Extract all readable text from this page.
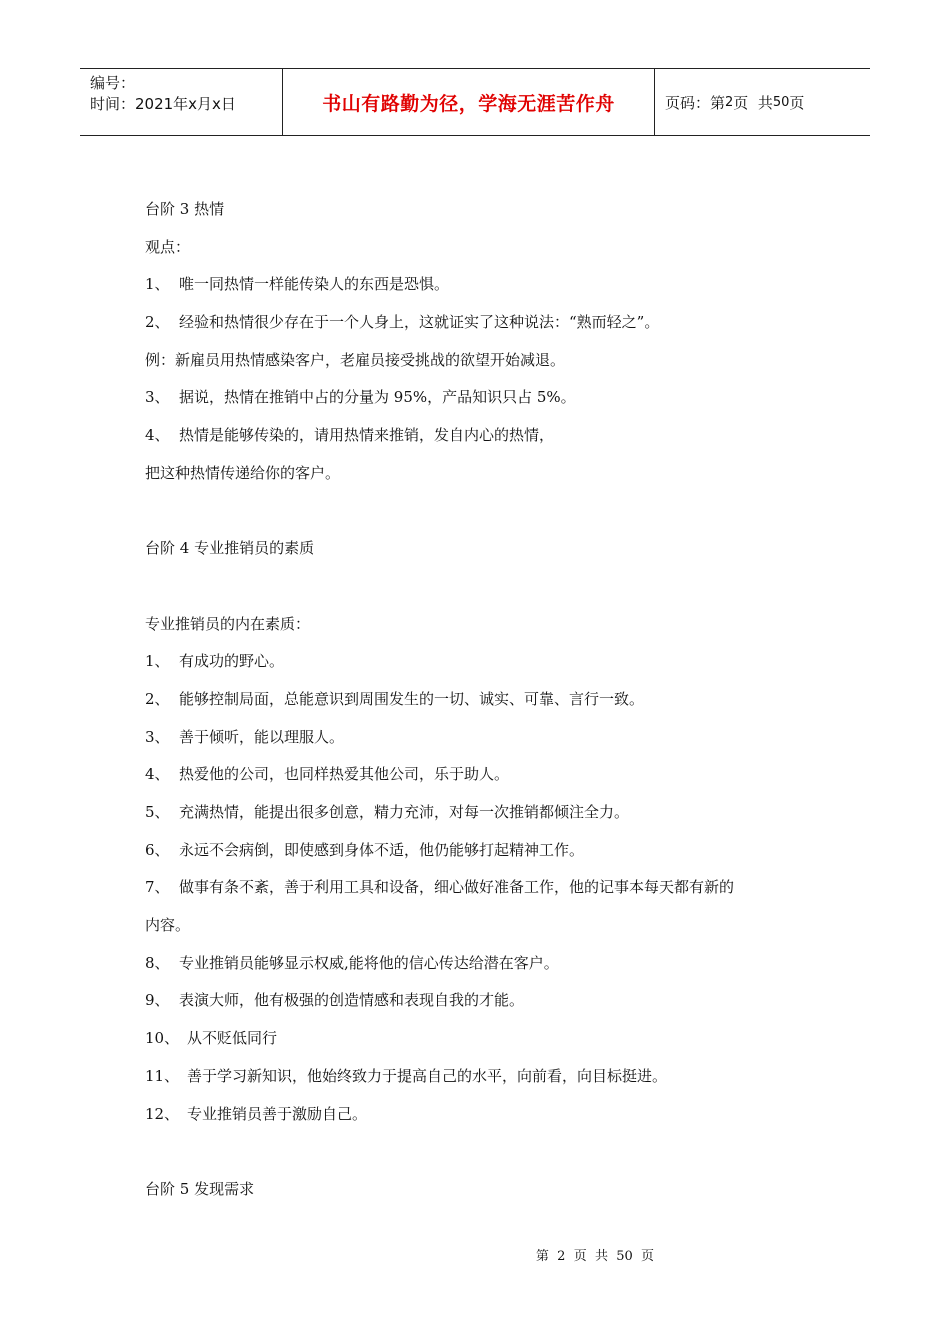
编号：
时间：2021年x月x日	书山有路勤为径，学海无涯苦作舟	页码：第 2 页  共 50 页
台阶 3 热情
观点：
1、 唯一同热情一样能传染人的东西是恐惧。
2、 经验和热情很少存在于一个人身上，这就证实了这种说法：“熟而轻之”。
例：新雇员用热情感染客户，老雇员接受挑战的欲望开始减退。
3、 据说，热情在推销中占的分量为 95%，产品知识只占 5%。
4、 热情是能够传染的，请用热情来推销，发自内心的热情，
把这种热情传递给你的客户。
台阶 4 专业推销员的素质
专业推销员的内在素质：
1、 有成功的野心。
2、 能够控制局面，总能意识到周围发生的一切、诚实、可靠、言行一致。
3、 善于倾听，能以理服人。
4、 热爱他的公司，也同样热爱其他公司，乐于助人。
5、 充满热情，能提出很多创意，精力充沛，对每一次推销都倾注全力。
6、 永远不会病倒，即使感到身体不适，他仍能够打起精神工作。
7、 做事有条不紊，善于利用工具和设备，细心做好准备工作，他的记事本每天都有新的
内容。
8、 专业推销员能够显示权威,能将他的信心传达给潜在客户。
9、 表演大师，他有极强的创造情感和表现自我的才能。
10、 从不贬低同行
11、 善于学习新知识，他始终致力于提高自己的水平，向前看，向目标挺进。
12、 专业推销员善于激励自己。
台阶 5 发现需求
第  2  页  共  50  页
